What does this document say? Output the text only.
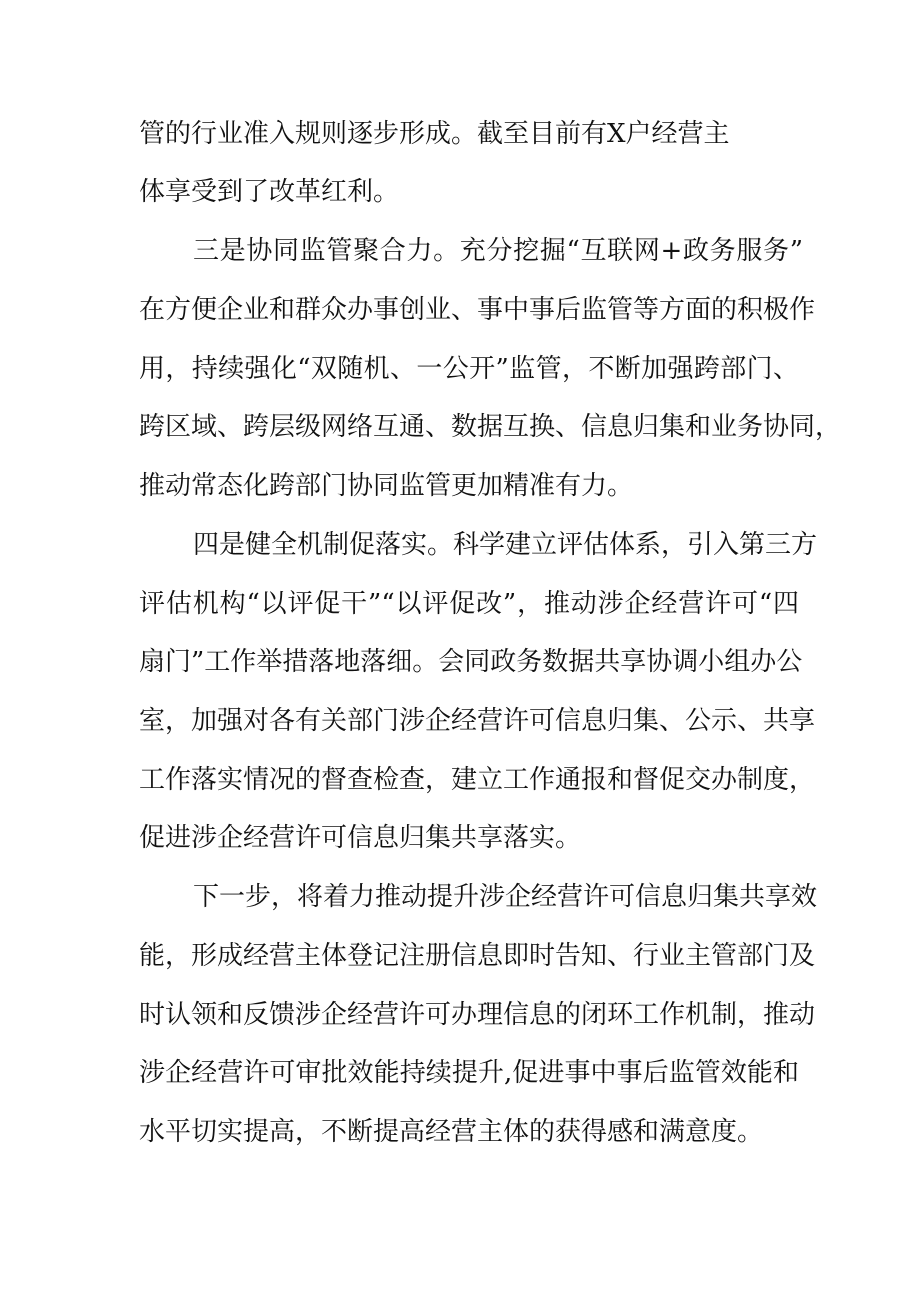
管的行业准入规则逐步形成。截至目前有X户经营主
体享受到了改革红利。
三是协同监管聚合力。充分挖掘“互联网+政务服务”
在方便企业和群众办事创业、事中事后监管等方面的积极作
用，持续强化“双随机、一公开”监管，不断加强跨部门、
跨区域、跨层级网络互通、数据互换、信息归集和业务协同，
推动常态化跨部门协同监管更加精准有力。
四是健全机制促落实。科学建立评估体系，引入第三方
评估机构“以评促干”“以评促改”，推动涉企经营许可“四
扇门”工作举措落地落细。会同政务数据共享协调小组办公
室，加强对各有关部门涉企经营许可信息归集、公示、共享
工作落实情况的督查检查，建立工作通报和督促交办制度，
促进涉企经营许可信息归集共享落实。
下一步，将着力推动提升涉企经营许可信息归集共享效
能，形成经营主体登记注册信息即时告知、行业主管部门及
时认领和反馈涉企经营许可办理信息的闭环工作机制，推动
涉企经营许可审批效能持续提升,促进事中事后监管效能和
水平切实提高，不断提高经营主体的获得感和满意度。
